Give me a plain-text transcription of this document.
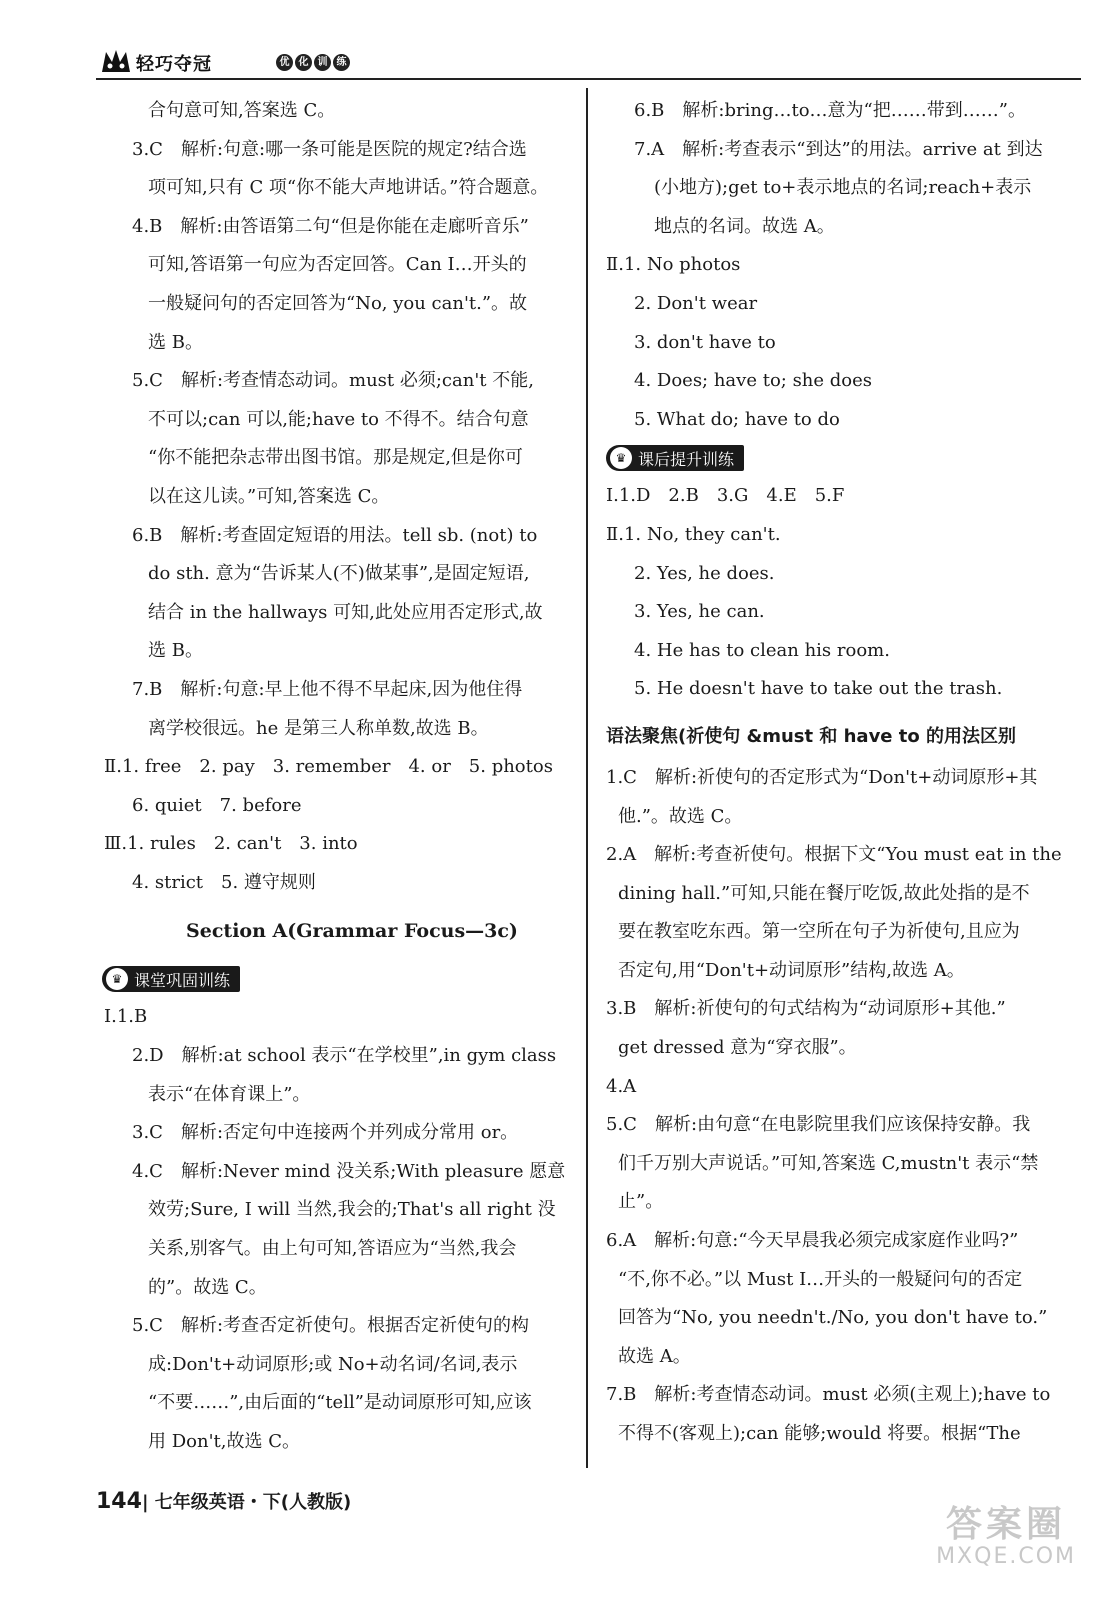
轻巧夺冠	优 化 训 练
合句意可知,答案选 C。
3.C　解析:句意:哪一条可能是医院的规定?结合选
项可知,只有 C 项“你不能大声地讲话。”符合题意。
4.B　解析:由答语第二句“但是你能在走廊听音乐”
可知,答语第一句应为否定回答。Can I…开头的
一般疑问句的否定回答为“No, you can't.”。故
选 B。
5.C　解析:考查情态动词。must 必须;can't 不能,
不可以;can 可以,能;have to 不得不。结合句意
“你不能把杂志带出图书馆。那是规定,但是你可
以在这儿读。”可知,答案选 C。
6.B　解析:考查固定短语的用法。tell sb. (not) to
do sth. 意为“告诉某人(不)做某事”,是固定短语,
结合 in the hallways 可知,此处应用否定形式,故
选 B。
7.B　解析:句意:早上他不得不早起床,因为他住得
离学校很远。he 是第三人称单数,故选 B。
Ⅱ.1. free　2. pay　3. remember　4. or　5. photos
6. quiet　7. before
Ⅲ.1. rules　2. can't　3. into
4. strict　5. 遵守规则
Section A(Grammar Focus—3c)
♛ 课堂巩固训练
Ⅰ.1.B
2.D　解析:at school 表示“在学校里”,in gym class
表示“在体育课上”。
3.C　解析:否定句中连接两个并列成分常用 or。
4.C　解析:Never mind 没关系;With pleasure 愿意
效劳;Sure, I will 当然,我会的;That's all right 没
关系,别客气。由上句可知,答语应为“当然,我会
的”。故选 C。
5.C　解析:考查否定祈使句。根据否定祈使句的构
成:Don't+动词原形;或 No+动名词/名词,表示
“不要……”,由后面的“tell”是动词原形可知,应该
用 Don't,故选 C。
6.B　解析:bring…to…意为“把……带到……”。
7.A　解析:考查表示“到达”的用法。arrive at 到达
(小地方);get to+表示地点的名词;reach+表示
地点的名词。故选 A。
Ⅱ.1. No photos
2. Don't wear
3. don't have to
4. Does; have to; she does
5. What do; have to do
♛ 课后提升训练
Ⅰ.1.D　2.B　3.G　4.E　5.F
Ⅱ.1. No, they can't.
2. Yes, he does.
3. Yes, he can.
4. He has to clean his room.
5. He doesn't have to take out the trash.
语法聚焦(祈使句 &must 和 have to 的用法区别
1.C　解析:祈使句的否定形式为“Don't+动词原形+其
他.”。故选 C。
2.A　解析:考查祈使句。根据下文“You must eat in the
dining hall.”可知,只能在餐厅吃饭,故此处指的是不
要在教室吃东西。第一空所在句子为祈使句,且应为
否定句,用“Don't+动词原形”结构,故选 A。
3.B　解析:祈使句的句式结构为“动词原形+其他.”
get dressed 意为“穿衣服”。
4.A
5.C　解析:由句意“在电影院里我们应该保持安静。我
们千万别大声说话。”可知,答案选 C,mustn't 表示“禁
止”。
6.A　解析:句意:“今天早晨我必须完成家庭作业吗?”
“不,你不必。”以 Must I…开头的一般疑问句的否定
回答为“No, you needn't./No, you don't have to.”
故选 A。
7.B　解析:考查情态动词。must 必须(主观上);have to
不得不(客观上);can 能够;would 将要。根据“The
144| 七年级英语・下(人教版)
答案圈
MXQE.COM
